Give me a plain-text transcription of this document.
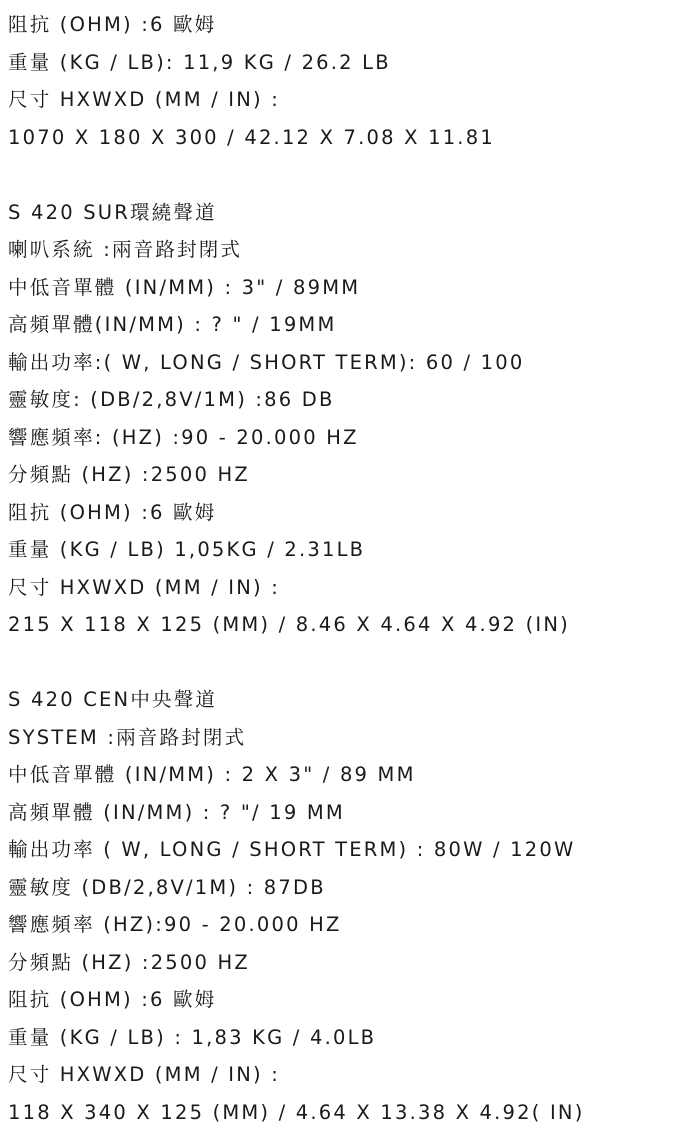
阻抗 (OHM) :6 歐姆
重量 (KG / LB): 11,9 KG / 26.2 LB
尺寸 HXWXD (MM / IN) :
1070 X 180 X 300 / 42.12 X 7.08 X 11.81
S 420 SUR環繞聲道
喇叭系統 :兩音路封閉式
中低音單體 (IN/MM) : 3" / 89MM
高頻單體(IN/MM) : ? " / 19MM
輸出功率:( W, LONG / SHORT TERM): 60 / 100
靈敏度: (DB/2,8V/1M) :86 DB
響應頻率: (HZ) :90 - 20.000 HZ
分頻點 (HZ) :2500 HZ
阻抗 (OHM) :6 歐姆
重量 (KG / LB) 1,05KG / 2.31LB
尺寸 HXWXD (MM / IN) :
215 X 118 X 125 (MM) / 8.46 X 4.64 X 4.92 (IN)
S 420 CEN中央聲道
SYSTEM :兩音路封閉式
中低音單體 (IN/MM) : 2 X 3" / 89 MM
高頻單體 (IN/MM) : ? "/ 19 MM
輸出功率 ( W, LONG / SHORT TERM) : 80W / 120W
靈敏度 (DB/2,8V/1M) : 87DB
響應頻率 (HZ):90 - 20.000 HZ
分頻點 (HZ) :2500 HZ
阻抗 (OHM) :6 歐姆
重量 (KG / LB) : 1,83 KG / 4.0LB
尺寸 HXWXD (MM / IN) :
118 X 340 X 125 (MM) / 4.64 X 13.38 X 4.92( IN)
